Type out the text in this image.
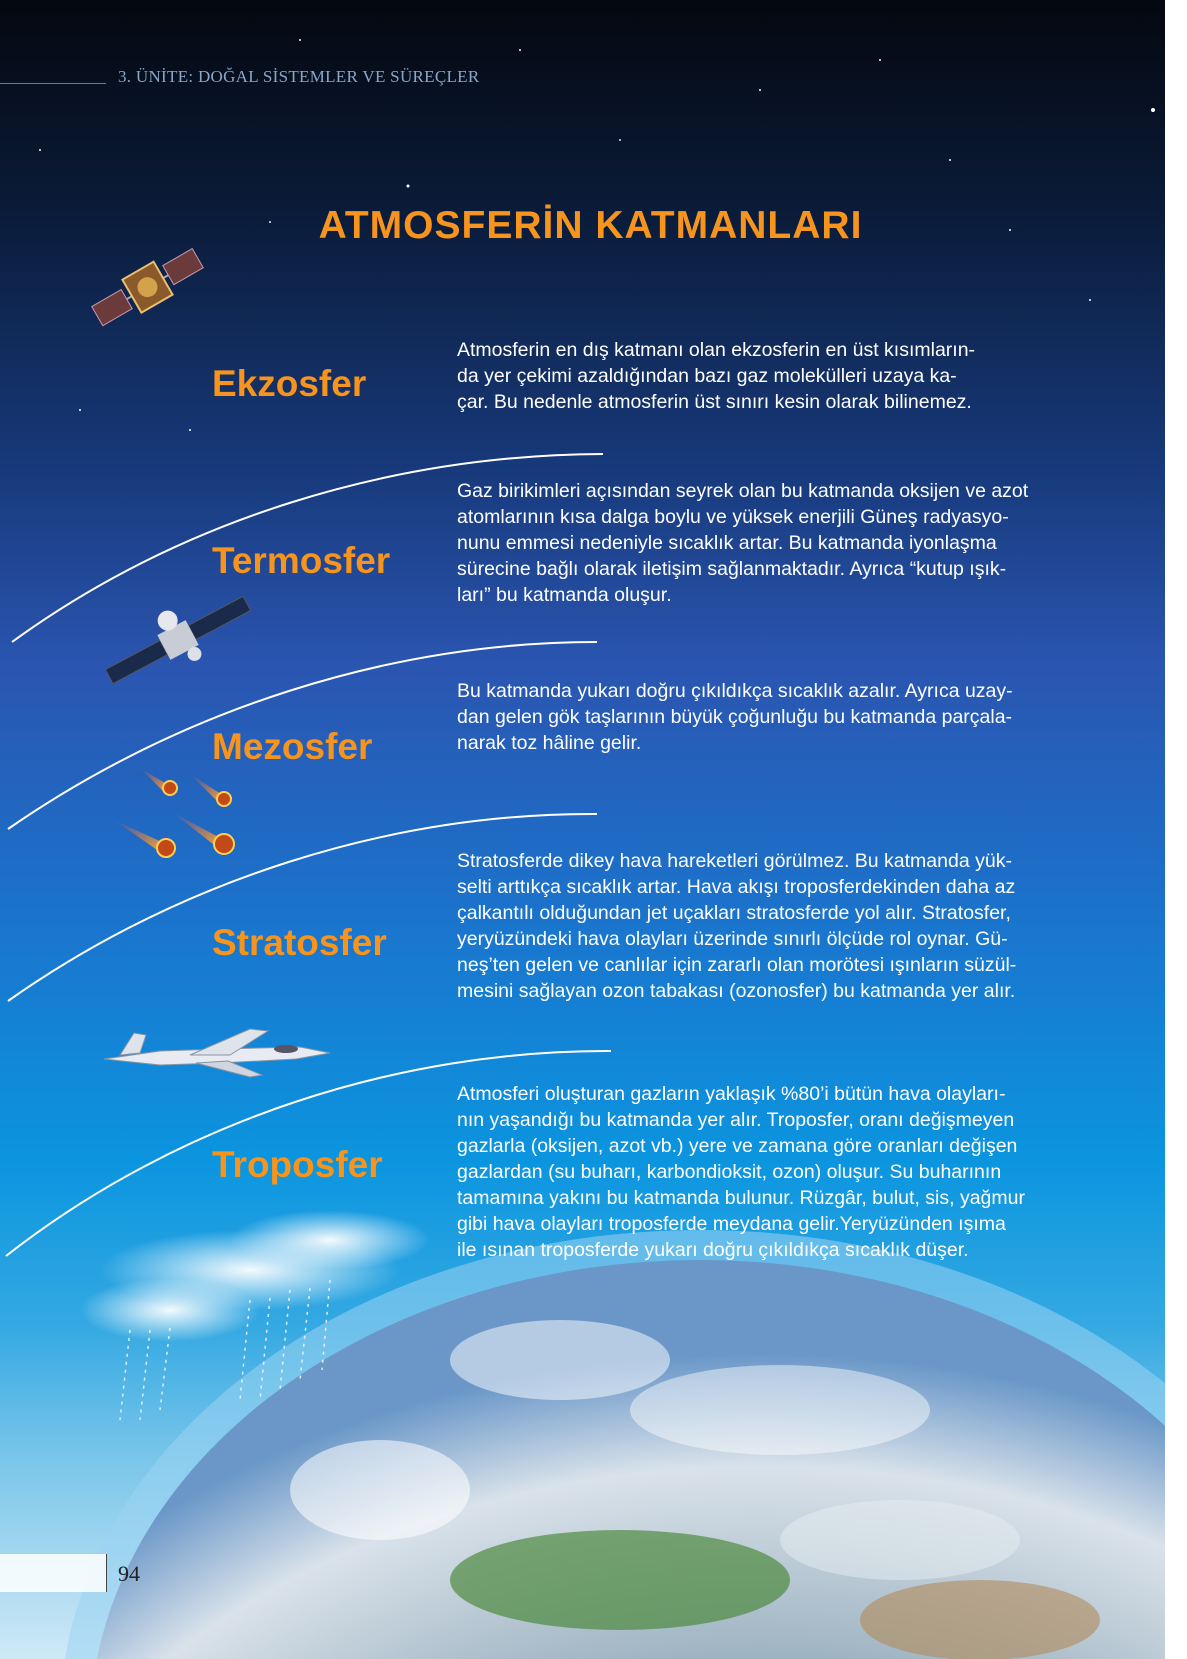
3. ÜNİTE: DOĞAL SİSTEMLER VE SÜREÇLER
ATMOSFERİN KATMANLARI
Ekzosfer
Termosfer
Mezosfer
Stratosfer
Troposfer
Atmosferin en dış katmanı olan ekzosferin en üst kısımların-
da yer çekimi azaldığından bazı gaz molekülleri uzaya ka-
çar. Bu nedenle atmosferin üst sınırı kesin olarak bilinemez.
Gaz birikimleri açısından seyrek olan bu katmanda oksijen ve azot
atomlarının kısa dalga boylu ve yüksek enerjili Güneş radyasyo-
nunu emmesi nedeniyle sıcaklık artar. Bu katmanda iyonlaşma
sürecine bağlı olarak iletişim sağlanmaktadır. Ayrıca “kutup ışık-
ları” bu katmanda oluşur.
Bu katmanda yukarı doğru çıkıldıkça sıcaklık azalır. Ayrıca uzay-
dan gelen gök taşlarının büyük çoğunluğu bu katmanda parçala-
narak toz hâline gelir.
Stratosferde dikey hava hareketleri görülmez. Bu katmanda yük-
selti arttıkça sıcaklık artar. Hava akışı troposferdekinden daha az
çalkantılı olduğundan jet uçakları stratosferde yol alır. Stratosfer,
yeryüzündeki hava olayları üzerinde sınırlı ölçüde rol oynar. Gü-
neş’ten gelen ve canlılar için zararlı olan morötesi ışınların süzül-
mesini sağlayan ozon tabakası (ozonosfer) bu katmanda yer alır.
Atmosferi oluşturan gazların yaklaşık %80’i bütün hava olayları-
nın yaşandığı bu katmanda yer alır. Troposfer, oranı değişmeyen
gazlarla (oksijen, azot vb.) yere ve zamana göre oranları değişen
gazlardan (su buharı, karbondioksit, ozon) oluşur. Su buharının
tamamına yakını bu katmanda bulunur. Rüzgâr, bulut, sis, yağmur
gibi hava olayları troposferde meydana gelir.Yeryüzünden ışıma
ile ısınan troposferde yukarı doğru çıkıldıkça sıcaklık düşer.
94
